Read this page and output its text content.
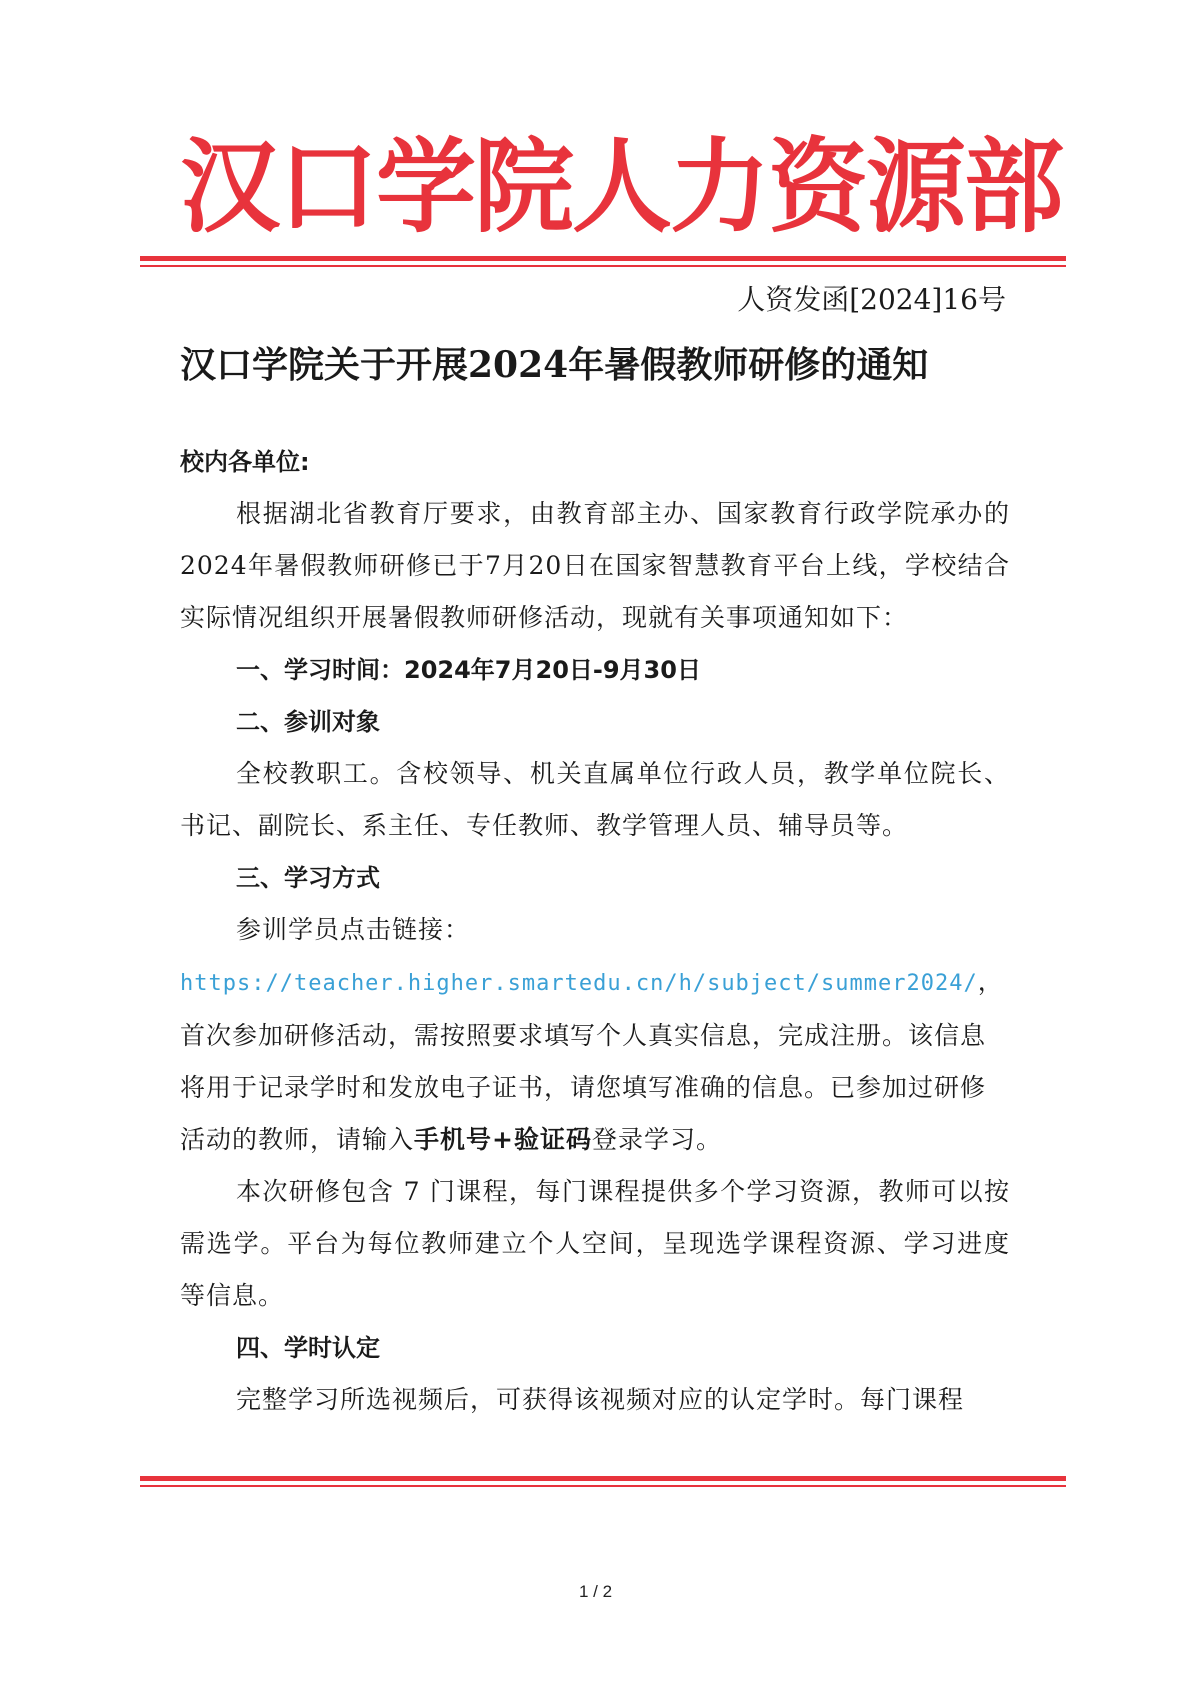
汉口学院人力资源部
人资发函[2024]16号
汉口学院关于开展2024年暑假教师研修的通知

校内各单位:

根据湖北省教育厅要求，由教育部主办、国家教育行政学院承办的2024年暑假教师研修已于7月20日在国家智慧教育平台上线，学校结合实际情况组织开展暑假教师研修活动，现就有关事项通知如下：

一、学习时间：2024年7月20日-9月30日

二、参训对象

全校教职工。含校领导、机关直属单位行政人员，教学单位院长、书记、副院长、系主任、专任教师、教学管理人员、辅导员等。

三、学习方式

参训学员点击链接：

https://teacher.higher.smartedu.cn/h/subject/summer2024/，首次参加研修活动，需按照要求填写个人真实信息，完成注册。该信息将用于记录学时和发放电子证书，请您填写准确的信息。已参加过研修活动的教师，请输入手机号+验证码登录学习。

本次研修包含 7 门课程，每门课程提供多个学习资源，教师可以按需选学。平台为每位教师建立个人空间，呈现选学课程资源、学习进度等信息。

四、学时认定

完整学习所选视频后，可获得该视频对应的认定学时。每门课程

1 / 2
